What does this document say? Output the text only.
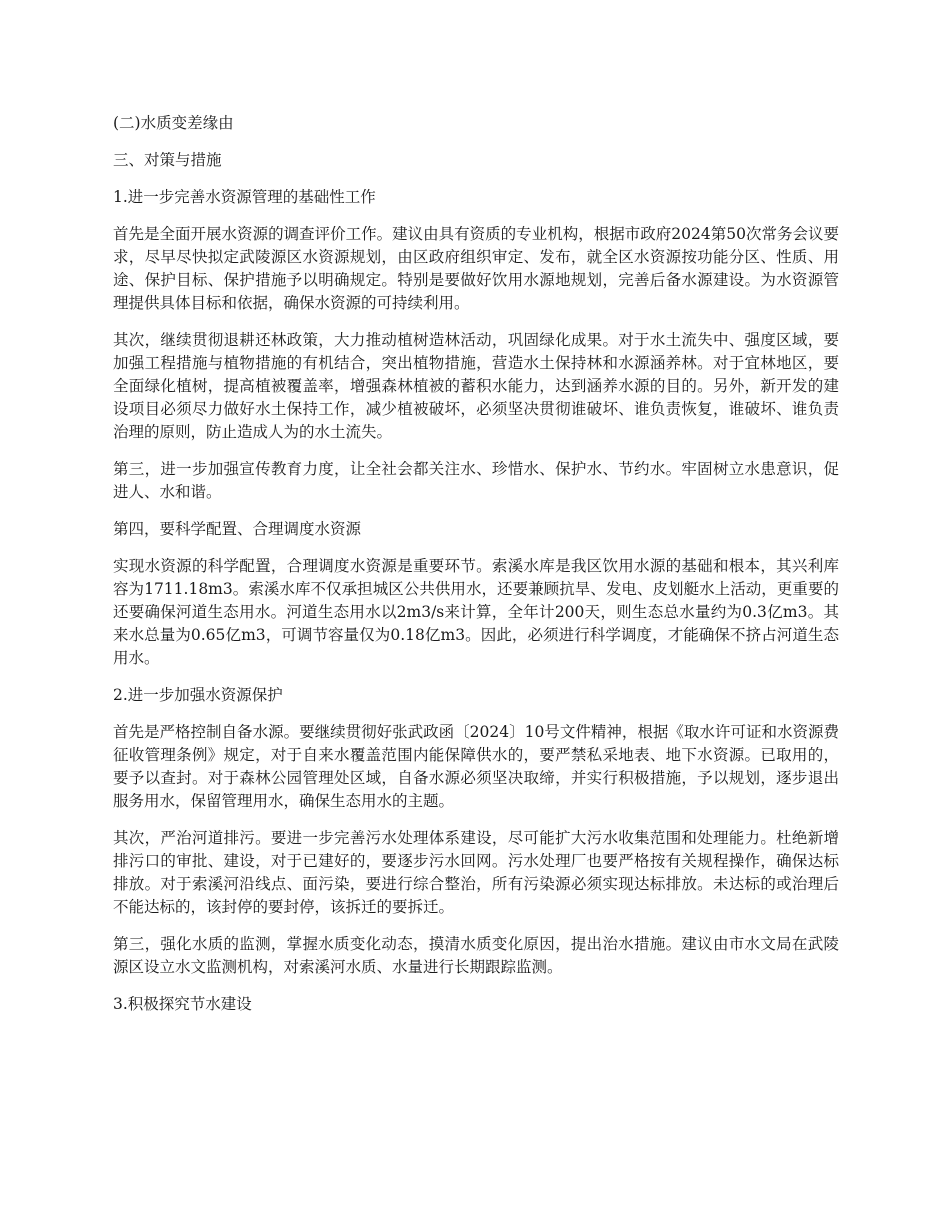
(二)水质变差缘由

三、对策与措施

1.进一步完善水资源管理的基础性工作

首先是全面开展水资源的调查评价工作。建议由具有资质的专业机构，根据市政府2024第50次常务会议要求，尽早尽快拟定武陵源区水资源规划，由区政府组织审定、发布，就全区水资源按功能分区、性质、用途、保护目标、保护措施予以明确规定。特别是要做好饮用水源地规划，完善后备水源建设。为水资源管理提供具体目标和依据，确保水资源的可持续利用。

其次，继续贯彻退耕还林政策，大力推动植树造林活动，巩固绿化成果。对于水土流失中、强度区域，要加强工程措施与植物措施的有机结合，突出植物措施，营造水土保持林和水源涵养林。对于宜林地区，要全面绿化植树，提高植被覆盖率，增强森林植被的蓄积水能力，达到涵养水源的目的。另外，新开发的建设项目必须尽力做好水土保持工作，减少植被破坏，必须坚决贯彻谁破坏、谁负责恢复，谁破坏、谁负责治理的原则，防止造成人为的水土流失。

第三，进一步加强宣传教育力度，让全社会都关注水、珍惜水、保护水、节约水。牢固树立水患意识，促进人、水和谐。

第四，要科学配置、合理调度水资源

实现水资源的科学配置，合理调度水资源是重要环节。索溪水库是我区饮用水源的基础和根本，其兴利库容为1711.18m3。索溪水库不仅承担城区公共供用水，还要兼顾抗旱、发电、皮划艇水上活动，更重要的还要确保河道生态用水。河道生态用水以2m3/s来计算，全年计200天，则生态总水量约为0.3亿m3。其来水总量为0.65亿m3，可调节容量仅为0.18亿m3。因此，必须进行科学调度，才能确保不挤占河道生态用水。

2.进一步加强水资源保护

首先是严格控制自备水源。要继续贯彻好张武政函〔2024〕10号文件精神，根据《取水许可证和水资源费征收管理条例》规定，对于自来水覆盖范围内能保障供水的，要严禁私采地表、地下水资源。已取用的，要予以查封。对于森林公园管理处区域，自备水源必须坚决取缔，并实行积极措施，予以规划，逐步退出服务用水，保留管理用水，确保生态用水的主题。

其次，严治河道排污。要进一步完善污水处理体系建设，尽可能扩大污水收集范围和处理能力。杜绝新增排污口的审批、建设，对于已建好的，要逐步污水回网。污水处理厂也要严格按有关规程操作，确保达标排放。对于索溪河沿线点、面污染，要进行综合整治，所有污染源必须实现达标排放。未达标的或治理后不能达标的，该封停的要封停，该拆迁的要拆迁。

第三，强化水质的监测，掌握水质变化动态，摸清水质变化原因，提出治水措施。建议由市水文局在武陵源区设立水文监测机构，对索溪河水质、水量进行长期跟踪监测。

3.积极探究节水建设
